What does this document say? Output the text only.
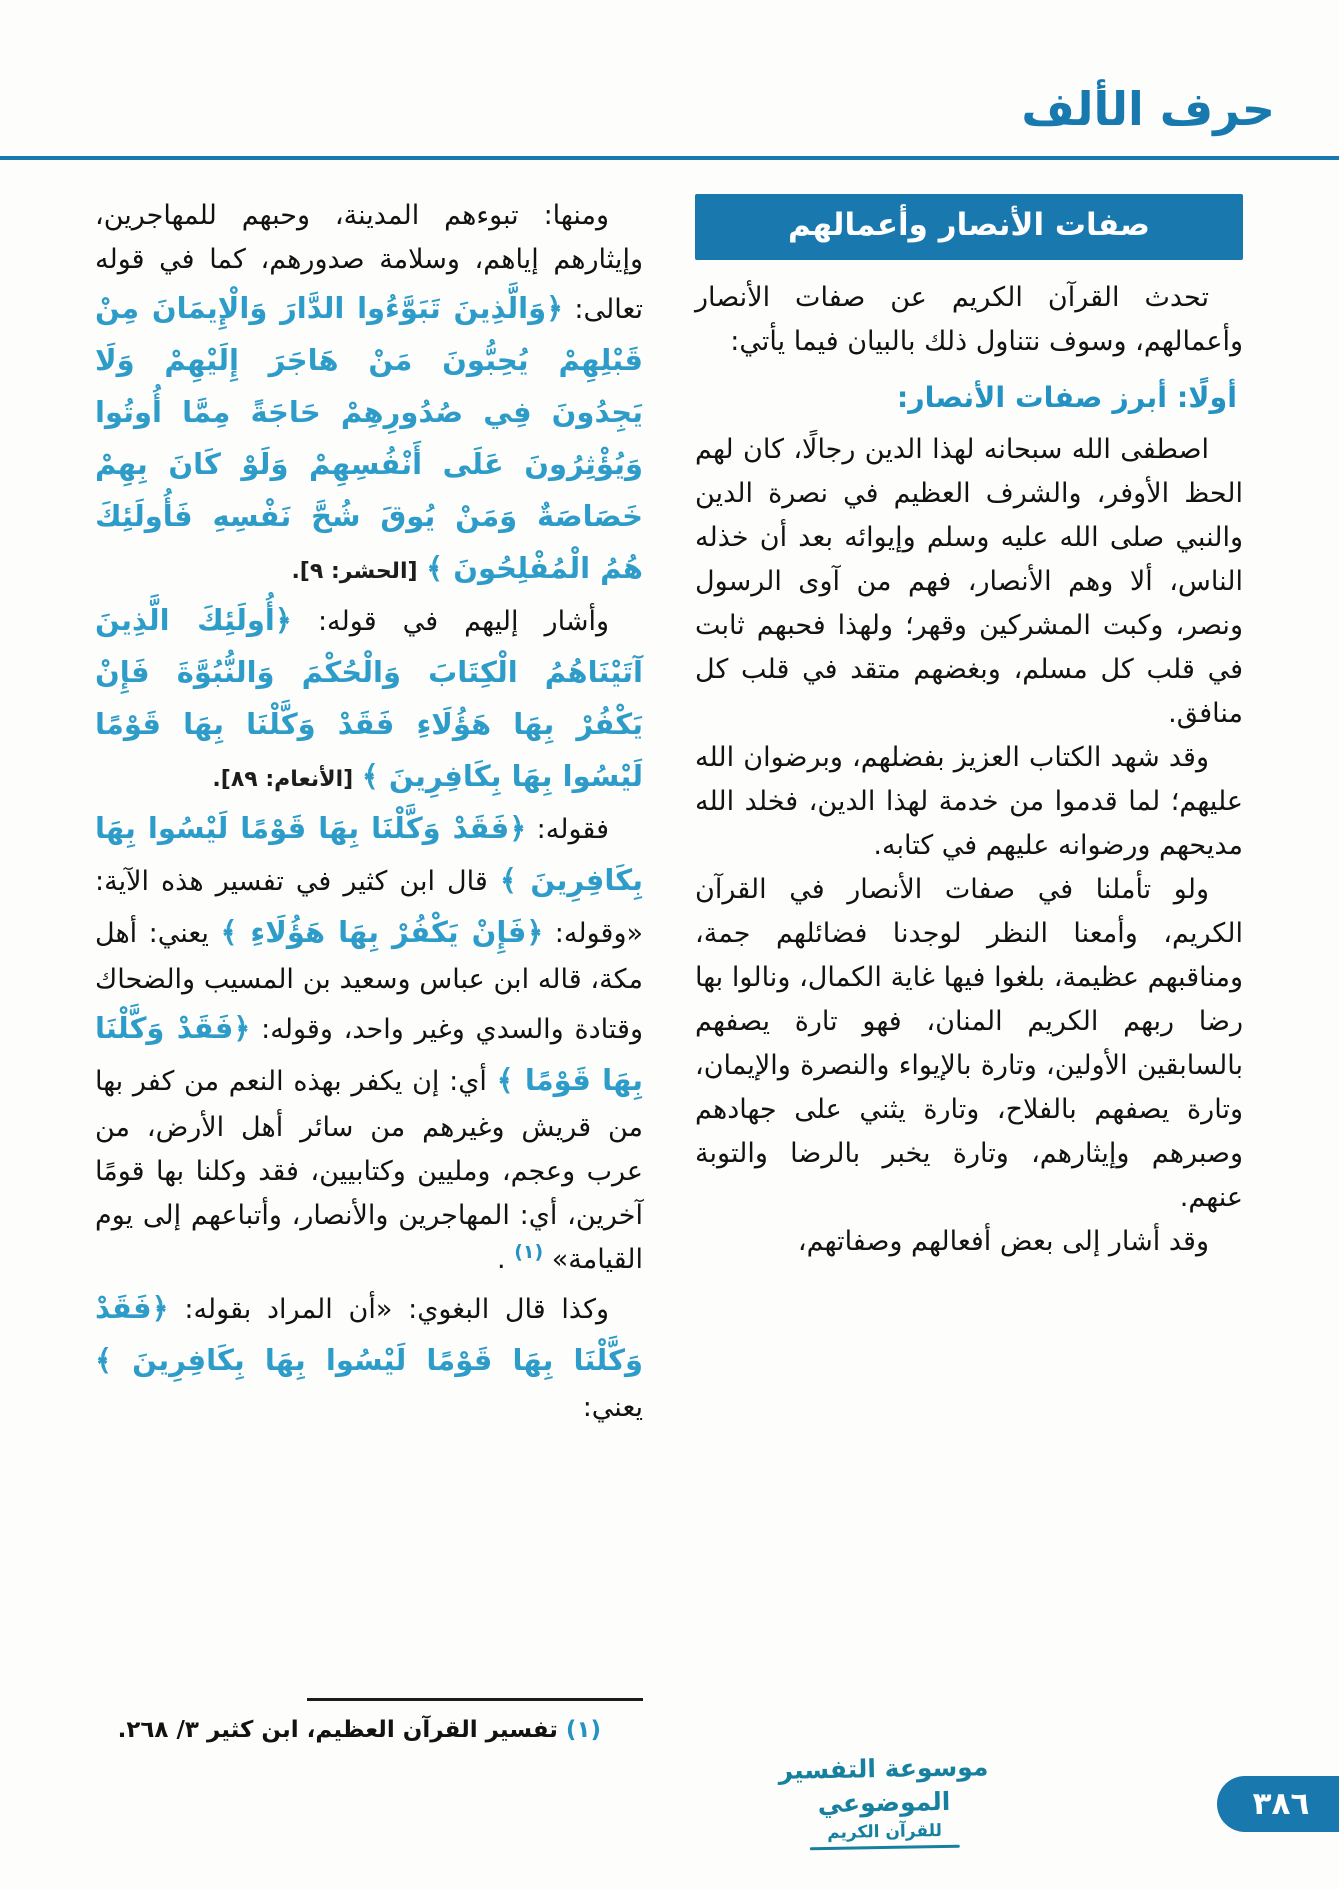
حرف الألف
صفات الأنصار وأعمالهم

تحدث القرآن الكريم عن صفات الأنصار وأعمالهم، وسوف نتناول ذلك بالبيان فيما يأتي:

أولًا: أبرز صفات الأنصار:

اصطفى الله سبحانه لهذا الدين رجالًا، كان لهم الحظ الأوفر، والشرف العظيم في نصرة الدين والنبي صلى الله عليه وسلم وإيوائه بعد أن خذله الناس، ألا وهم الأنصار، فهم من آوى الرسول ونصر، وكبت المشركين وقهر؛ ولهذا فحبهم ثابت في قلب كل مسلم، وبغضهم متقد في قلب كل منافق.

وقد شهد الكتاب العزيز بفضلهم، وبرضوان الله عليهم؛ لما قدموا من خدمة لهذا الدين، فخلد الله مديحهم ورضوانه عليهم في كتابه.

ولو تأملنا في صفات الأنصار في القرآن الكريم، وأمعنا النظر لوجدنا فضائلهم جمة، ومناقبهم عظيمة، بلغوا فيها غاية الكمال، ونالوا بها رضا ربهم الكريم المنان، فهو تارة يصفهم بالسابقين الأولين، وتارة بالإيواء والنصرة والإيمان، وتارة يصفهم بالفلاح، وتارة يثني على جهادهم وصبرهم وإيثارهم، وتارة يخبر بالرضا والتوبة عنهم.

وقد أشار إلى بعض أفعالهم وصفاتهم،

ومنها: تبوءهم المدينة، وحبهم للمهاجرين، وإيثارهم إياهم، وسلامة صدورهم، كما في قوله تعالى: ﴿وَالَّذِينَ تَبَوَّءُوا الدَّارَ وَالْإِيمَانَ مِنْ قَبْلِهِمْ يُحِبُّونَ مَنْ هَاجَرَ إِلَيْهِمْ وَلَا يَجِدُونَ فِي صُدُورِهِمْ حَاجَةً مِمَّا أُوتُوا وَيُؤْثِرُونَ عَلَى أَنْفُسِهِمْ وَلَوْ كَانَ بِهِمْ خَصَاصَةٌ وَمَنْ يُوقَ شُحَّ نَفْسِهِ فَأُولَئِكَ هُمُ الْمُفْلِحُونَ ﴾ [الحشر: ٩].

وأشار إليهم في قوله: ﴿أُولَئِكَ الَّذِينَ آتَيْنَاهُمُ الْكِتَابَ وَالْحُكْمَ وَالنُّبُوَّةَ فَإِنْ يَكْفُرْ بِهَا هَؤُلَاءِ فَقَدْ وَكَّلْنَا بِهَا قَوْمًا لَيْسُوا بِهَا بِكَافِرِينَ ﴾ [الأنعام: ٨٩].

فقوله: ﴿فَقَدْ وَكَّلْنَا بِهَا قَوْمًا لَيْسُوا بِهَا بِكَافِرِينَ ﴾ قال ابن كثير في تفسير هذه الآية: «وقوله: ﴿فَإِنْ يَكْفُرْ بِهَا هَؤُلَاءِ ﴾ يعني: أهل مكة، قاله ابن عباس وسعيد بن المسيب والضحاك وقتادة والسدي وغير واحد، وقوله: ﴿فَقَدْ وَكَّلْنَا بِهَا قَوْمًا ﴾ أي: إن يكفر بهذه النعم من كفر بها من قريش وغيرهم من سائر أهل الأرض، من عرب وعجم، ومليين وكتابيين، فقد وكلنا بها قومًا آخرين، أي: المهاجرين والأنصار، وأتباعهم إلى يوم القيامة» $^{(١)}$ .

وكذا قال البغوي: «أن المراد بقوله: ﴿فَقَدْ وَكَّلْنَا بِهَا قَوْمًا لَيْسُوا بِهَا بِكَافِرِينَ ﴾ يعني:

(١) تفسير القرآن العظيم، ابن كثير ٣/ ٢٦٨.
موسوعة التفسير الموضوعي
للقرآن الكريم
٣٨٦
